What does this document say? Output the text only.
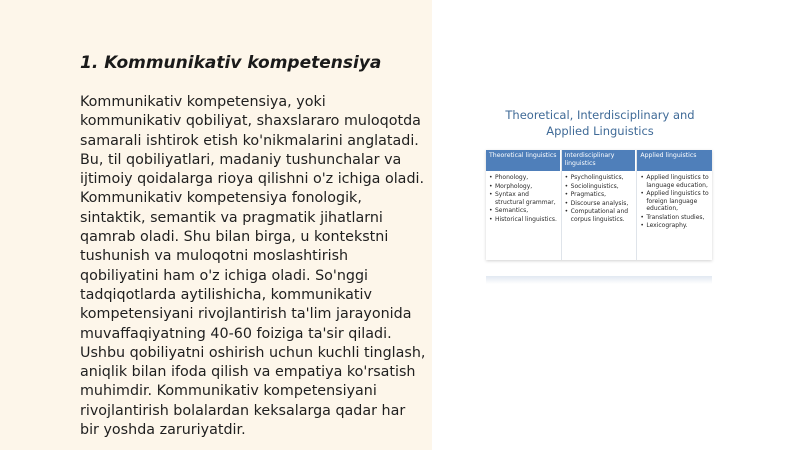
1. Kommunikativ kompetensiya

Kommunikativ kompetensiya, yoki kommunikativ qobiliyat, shaxslararo muloqotda samarali ishtirok etish ko'nikmalarini anglatadi. Bu, til qobiliyatlari, madaniy tushunchalar va ijtimoiy qoidalarga rioya qilishni o'z ichiga oladi. Kommunikativ kompetensiya fonologik, sintaktik, semantik va pragmatik jihatlarni qamrab oladi. Shu bilan birga, u kontekstni tushunish va muloqotni moslashtirish qobiliyatini ham o'z ichiga oladi. So'nggi tadqiqotlarda aytilishicha, kommunikativ kompetensiyani rivojlantirish ta'lim jarayonida muvaffaqiyatning 40-60 foiziga ta'sir qiladi. Ushbu qobiliyatni oshirish uchun kuchli tinglash, aniqlik bilan ifoda qilish va empatiya ko'rsatish muhimdir. Kommunikativ kompetensiyani rivojlantirish bolalardan keksalarga qadar har bir yoshda zaruriyatdir.

Theoretical, Interdisciplinary and
Applied Linguistics
Theoretical linguistics
• Phonology,
• Morphology,
• Syntax and structural grammar,
• Semantics,
• Historical linguistics.
Interdisciplinary linguistics
• Psycholinguistics,
• Sociolinguistics,
• Pragmatics,
• Discourse analysis,
• Computational and corpus linguistics.
Applied linguistics
• Applied linguistics to language education,
• Applied linguistics to foreign language education,
• Translation studies,
• Lexicography.
